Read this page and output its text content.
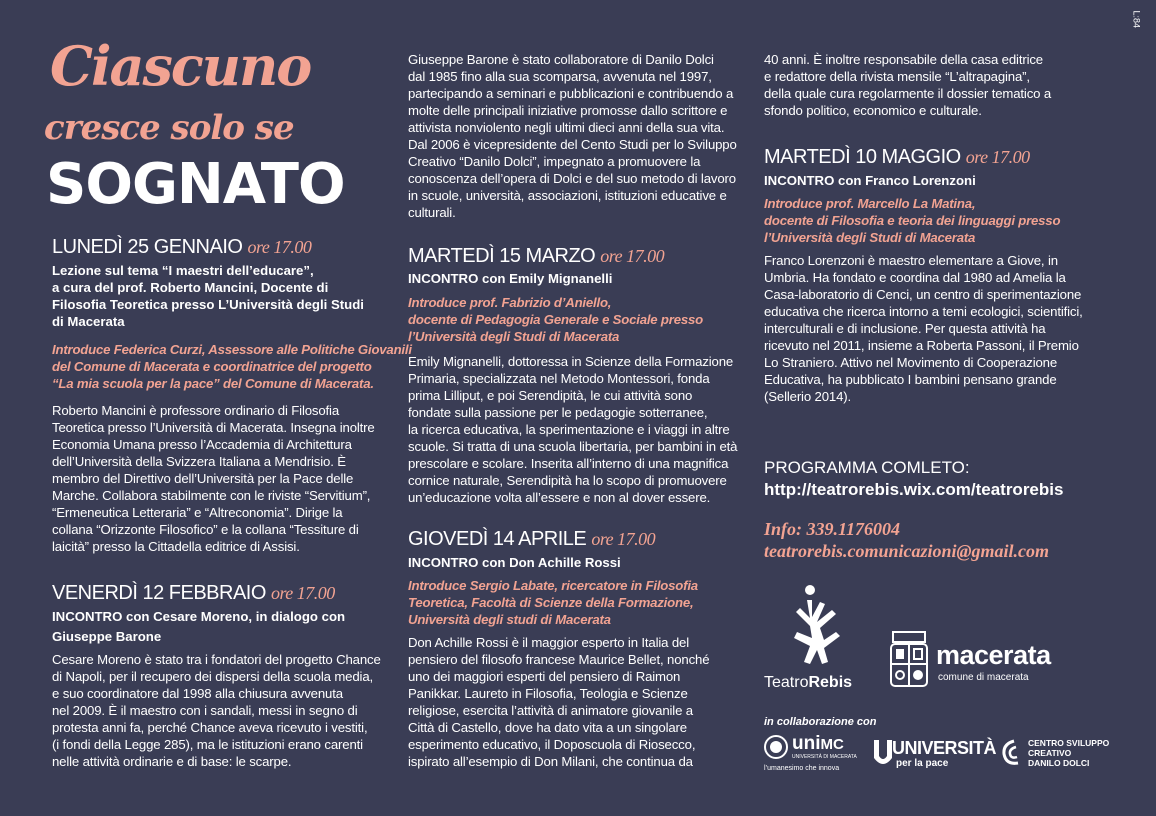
L:84
Ciascuno
cresce solo se
SOGNATO
LUNEDÌ 25 GENNAIO ore 17.00

Lezione sul tema “I maestri dell’educare”,

a cura del prof. Roberto Mancini, Docente di

Filosofia Teoretica presso L’Università degli Studi

di Macerata

Introduce Federica Curzi, Assessore alle Politiche Giovanili

del Comune di Macerata e coordinatrice del progetto

“La mia scuola per la pace” del Comune di Macerata.

Roberto Mancini è professore ordinario di Filosofia

Teoretica presso l’Università di Macerata. Insegna inoltre

Economia Umana presso l’Accademia di Architettura

dell’Università della Svizzera Italiana a Mendrisio. È

membro del Direttivo dell’Università per la Pace delle

Marche. Collabora stabilmente con le riviste “Servitium”,

“Ermeneutica Letteraria” e “Altreconomia”. Dirige la

collana “Orizzonte Filosofico” e la collana “Tessiture di

laicità” presso la Cittadella editrice di Assisi.

VENERDÌ 12 FEBBRAIO ore 17.00

INCONTRO con Cesare Moreno, in dialogo con

Giuseppe Barone

Cesare Moreno è stato tra i fondatori del progetto Chance

di Napoli, per il recupero dei dispersi della scuola media,

e suo coordinatore dal 1998 alla chiusura avvenuta

nel 2009. È il maestro con i sandali, messi in segno di

protesta anni fa, perché Chance aveva ricevuto i vestiti,

(i fondi della Legge 285), ma le istituzioni erano carenti

nelle attività ordinarie e di base: le scarpe.

Giuseppe Barone è stato collaboratore di Danilo Dolci

dal 1985 fino alla sua scomparsa, avvenuta nel 1997,

partecipando a seminari e pubblicazioni e contribuendo a

molte delle principali iniziative promosse dallo scrittore e

attivista nonviolento negli ultimi dieci anni della sua vita.

Dal 2006 è vicepresidente del Cento Studi per lo Sviluppo

Creativo “Danilo Dolci”, impegnato a promuovere la

conoscenza dell’opera di Dolci e del suo metodo di lavoro

in scuole, università, associazioni, istituzioni educative e

culturali.

MARTEDÌ 15 MARZO ore 17.00

INCONTRO con Emily Mignanelli

Introduce prof. Fabrizio d’Aniello,

docente di Pedagogia Generale e Sociale presso

l’Università degli Studi di Macerata

Emily Mignanelli, dottoressa in Scienze della Formazione

Primaria, specializzata nel Metodo Montessori, fonda

prima Lilliput, e poi Serendipità, le cui attività sono

fondate sulla passione per le pedagogie sotterranee,

la ricerca educativa, la sperimentazione e i viaggi in altre

scuole. Si tratta di una scuola libertaria, per bambini in età

prescolare e scolare. Inserita all’interno di una magnifica

cornice naturale, Serendipità ha lo scopo di promuovere

un’educazione volta all’essere e non al dover essere.

GIOVEDÌ 14 APRILE ore 17.00

INCONTRO con Don Achille Rossi

Introduce Sergio Labate, ricercatore in Filosofia

Teoretica, Facoltà di Scienze della Formazione,

Università degli studi di Macerata

Don Achille Rossi è il maggior esperto in Italia del

pensiero del filosofo francese Maurice Bellet, nonché

uno dei maggiori esperti del pensiero di Raimon

Panikkar. Laureto in Filosofia, Teologia e Scienze

religiose, esercita l’attività di animatore giovanile a

Città di Castello, dove ha dato vita a un singolare

esperimento educativo, il Doposcuola di Riosecco,

ispirato all’esempio di Don Milani, che continua da

40 anni. È inoltre responsabile della casa editrice

e redattore della rivista mensile “L’altrapagina”,

della quale cura regolarmente il dossier tematico a

sfondo politico, economico e culturale.

MARTEDÌ 10 MAGGIO ore 17.00

INCONTRO con Franco Lorenzoni

Introduce prof. Marcello La Matina,

docente di Filosofia e teoria dei linguaggi presso

l’Università degli Studi di Macerata

Franco Lorenzoni è maestro elementare a Giove, in

Umbria. Ha fondato e coordina dal 1980 ad Amelia la

Casa-laboratorio di Cenci, un centro di sperimentazione

educativa che ricerca intorno a temi ecologici, scientifici,

interculturali e di inclusione. Per questa attività ha

ricevuto nel 2011, insieme a Roberta Passoni, il Premio

Lo Straniero. Attivo nel Movimento di Cooperazione

Educativa, ha pubblicato I bambini pensano grande

(Sellerio 2014).

PROGRAMMA COMLETO:
http://teatrorebis.wix.com/teatrorebis
Info: 339.1176004
teatrorebis.comunicazioni@gmail.com
TeatroRebis
macerata
comune di macerata
in collaborazione con
uniMC
UNIVERSITÀ DI MACERATA
l’umanesimo che innova
UNIVERSITÀ
per la pace
CENTRO SVILUPPO
CREATIVO
DANILO DOLCI
